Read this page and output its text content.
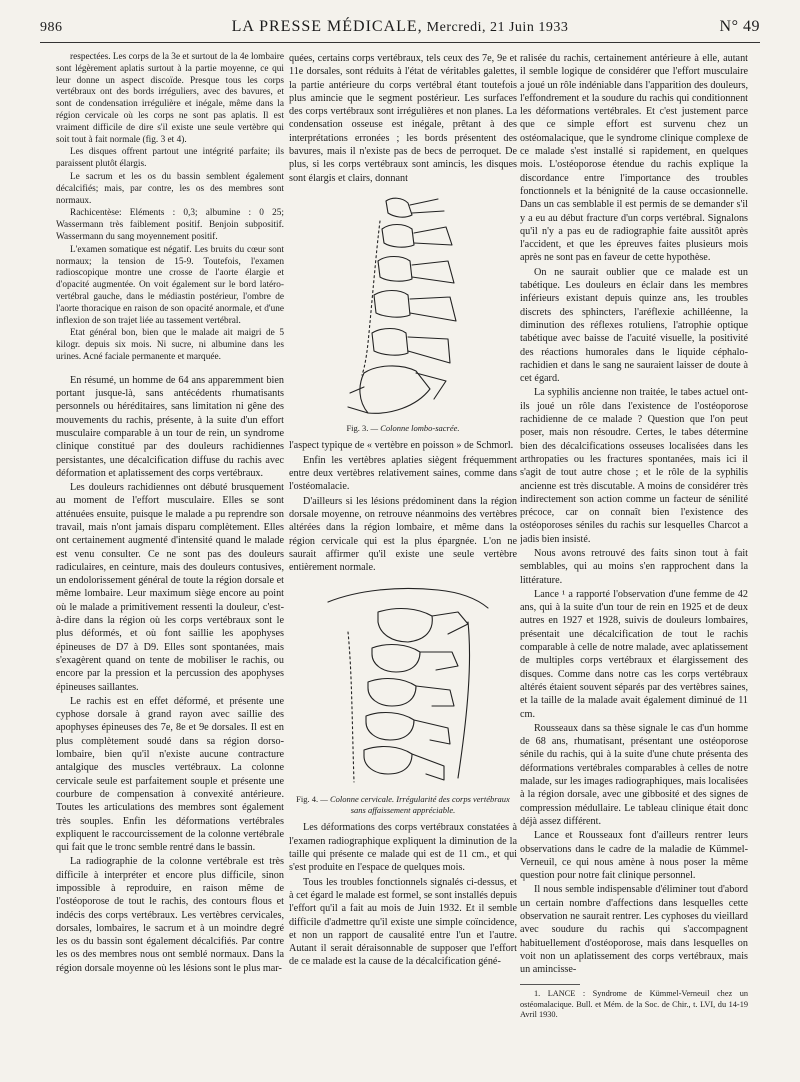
986	LA PRESSE MÉDICALE, Mercredi, 21 Juin 1933	N° 49

respectées. Les corps de la 3e et surtout de la 4e lombaire sont légèrement aplatis surtout à la partie moyenne, ce qui leur donne un aspect discoïde. Presque tous les corps vertébraux ont des bords irréguliers, avec des bavures, et sont de condensation irrégulière et inégale, même dans la région cervicale où les corps ne sont pas aplatis. Il est vraiment difficile de dire s'il existe une seule vertèbre qui soit tout à fait normale (fig. 3 et 4).

Les disques offrent partout une intégrité parfaite; ils paraissent plutôt élargis.

Le sacrum et les os du bassin semblent également décalcifiés; mais, par contre, les os des membres sont normaux.

Rachicentèse: Eléments : 0,3; albumine : 0 25; Wassermann très faiblement positif. Benjoin subpositif. Wassermann du sang moyennement positif.

L'examen somatique est négatif. Les bruits du cœur sont normaux; la tension de 15-9. Toutefois, l'examen radioscopique montre une crosse de l'aorte élargie et d'opacité augmentée. On voit également sur le bord latéro-vertébral gauche, dans le médiastin postérieur, l'ombre de l'aorte thoracique en raison de son opacité anormale, et d'une inflexion de son trajet liée au tassement vertébral.

Etat général bon, bien que le malade ait maigri de 5 kilogr. depuis six mois. Ni sucre, ni albumine dans les urines. Acné faciale permanente et marquée.

En résumé, un homme de 64 ans apparemment bien portant jusque-là, sans antécédents rhumatisants personnels ou héréditaires, sans limitation ni gêne des mouvements du rachis, présente, à la suite d'un effort musculaire comparable à un tour de rein, un syndrome clinique constitué par des douleurs rachidiennes persistantes, une décalcification diffuse du rachis avec déformation et aplatissement des corps vertébraux.

Les douleurs rachidiennes ont débuté brusquement au moment de l'effort musculaire. Elles se sont atténuées ensuite, puisque le malade a pu reprendre son travail, mais n'ont jamais disparu complètement. Elles ont certainement augmenté d'intensité quand le malade est venu consulter. Ce ne sont pas des douleurs radiculaires, en ceinture, mais des douleurs contusives, un endolorissement général de toute la région dorsale et même lombaire. Leur maximum siège encore au point où le malade a primitivement ressenti la douleur, c'est-à-dire dans la région où les corps vertébraux sont le plus déformés, et où font saillie les apophyses épineuses de D7 à D9. Elles sont spontanées, mais s'exagèrent quand on tente de mobiliser le rachis, ou encore par la pression et la percussion des apophyses épineuses saillantes.

Le rachis est en effet déformé, et présente une cyphose dorsale à grand rayon avec saillie des apophyses épineuses des 7e, 8e et 9e dorsales. Il est en plus complètement soudé dans sa région dorso-lombaire, bien qu'il n'existe aucune contracture antalgique des muscles vertébraux. La colonne cervicale seule est parfaitement souple et présente une courbure de compensation à convexité antérieure. Toutes les articulations des membres sont également très souples. Enfin les déformations vertébrales expliquent le raccourcissement de la colonne vertébrale qui fait que le tronc semble rentré dans le bassin.

La radiographie de la colonne vertébrale est très difficile à interpréter et encore plus difficile, sinon impossible à reproduire, en raison même de l'ostéoporose de tout le rachis, des contours flous et indécis des corps vertébraux. Les vertèbres cervicales, dorsales, lombaires, le sacrum et à un moindre degré les os du bassin sont également décalcifiés. Par contre les os des membres nous ont semblé normaux. Dans la région dorsale moyenne où les lésions sont le plus mar-

quées, certains corps vertébraux, tels ceux des 7e, 9e et 11e dorsales, sont réduits à l'état de véritables galettes, la partie antérieure du corps vertébral étant toutefois plus amincie que le segment postérieur. Les surfaces des corps vertébraux sont irrégulières et non planes. La condensation osseuse est inégale, prêtant à des interprétations erronées ; les bords présentent des bavures, mais il n'existe pas de becs de perroquet. De plus, si les corps vertébraux sont amincis, les disques sont élargis et clairs, donnant

Fig. 3. — Colonne lombo-sacrée.

l'aspect typique de « vertèbre en poisson » de Schmorl.

Enfin les vertèbres aplaties siègent fréquemment entre deux vertèbres relativement saines, comme dans l'ostéomalacie.

D'ailleurs si les lésions prédominent dans la région dorsale moyenne, on retrouve néanmoins des vertèbres altérées dans la région lombaire, et même dans la région cervicale qui est la plus épargnée. L'on ne saurait affirmer qu'il existe une seule vertèbre entièrement normale.

Fig. 4. — Colonne cervicale. Irrégularité des corps vertébraux sans affaissement appréciable.

Les déformations des corps vertébraux constatées à l'examen radiographique expliquent la diminution de la taille qui présente ce malade qui est de 11 cm., et qui s'est produite en l'espace de quelques mois.

Tous les troubles fonctionnels signalés ci-dessus, et à cet égard le malade est formel, se sont installés depuis l'effort qu'il a fait au mois de Juin 1932. Et il semble difficile d'admettre qu'il existe une simple coïncidence, et non un rapport de causalité entre l'un et l'autre. Autant il serait déraisonnable de supposer que l'effort de ce malade est la cause de la décalcification géné-

ralisée du rachis, certainement antérieure à elle, autant il semble logique de considérer que l'effort musculaire a joué un rôle indéniable dans l'apparition des douleurs, l'effondrement et la soudure du rachis qui conditionnent les déformations vertébrales. Et c'est justement parce que ce simple effort est survenu chez un ostéomalacique, que le syndrome clinique complexe de ce malade s'est installé si rapidement, en quelques mois. L'ostéoporose étendue du rachis explique la discordance entre l'importance des troubles fonctionnels et la bénignité de la cause occasionnelle. Dans un cas semblable il est permis de se demander s'il y a eu au début fracture d'un corps vertébral. Signalons qu'il n'y a pas eu de radiographie faite aussitôt après l'accident, et que les épreuves faites plusieurs mois après ne sont pas en faveur de cette hypothèse.

On ne saurait oublier que ce malade est un tabétique. Les douleurs en éclair dans les membres inférieurs existant depuis quinze ans, les troubles discrets des sphincters, l'aréflexie achilléenne, la diminution des réflexes rotuliens, l'atrophie optique tabétique avec baisse de l'acuité visuelle, la positivité des réactions humorales dans le liquide céphalo-rachidien et dans le sang ne sauraient laisser de doute à cet égard.

La syphilis ancienne non traitée, le tabes actuel ont-ils joué un rôle dans l'existence de l'ostéoporose rachidienne de ce malade ? Question que l'on peut poser, mais non résoudre. Certes, le tabes détermine bien des décalcifications osseuses localisées dans les arthropaties ou les fractures spontanées, mais ici il s'agit de tout autre chose ; et le rôle de la syphilis ancienne est très discutable. A moins de considérer très indirectement son action comme un facteur de sénilité précoce, car on connaît bien l'existence des ostéoporoses séniles du rachis sur lesquelles Charcot a jadis bien insisté.

Nous avons retrouvé des faits sinon tout à fait semblables, qui au moins s'en rapprochent dans la littérature.

Lance ¹ a rapporté l'observation d'une femme de 42 ans, qui à la suite d'un tour de rein en 1925 et de deux autres en 1927 et 1928, suivis de douleurs lombaires, présentait une décalcification de tout le rachis comparable à celle de notre malade, avec aplatissement de multiples corps vertébraux et élargissement des disques. Comme dans notre cas les corps vertébraux altérés étaient souvent séparés par des vertèbres saines, et la taille de la malade avait également diminué de 11 cm.

Rousseaux dans sa thèse signale le cas d'un homme de 68 ans, rhumatisant, présentant une ostéoporose sénile du rachis, qui à la suite d'une chute présenta des déformations vertébrales comparables à celles de notre malade, sur les images radiographiques, mais localisées à la région dorsale, avec une gibbosité et des signes de compression médullaire. Le tableau clinique était donc déjà assez différent.

Lance et Rousseaux font d'ailleurs rentrer leurs observations dans le cadre de la maladie de Kümmel-Verneuil, ce qui nous amène à nous poser la même question pour notre fait clinique personnel.

Il nous semble indispensable d'éliminer tout d'abord un certain nombre d'affections dans lesquelles cette observation ne saurait rentrer. Les cyphoses du vieillard avec soudure du rachis qui s'accompagnent habituellement d'ostéoporose, mais dans lesquelles on voit non un aplatissement des corps vertébraux, mais un amincisse-

1. LANCE : Syndrome de Kümmel-Verneuil chez un ostéomalacique. Bull. et Mém. de la Soc. de Chir., t. LVI, du 14-19 Avril 1930.
